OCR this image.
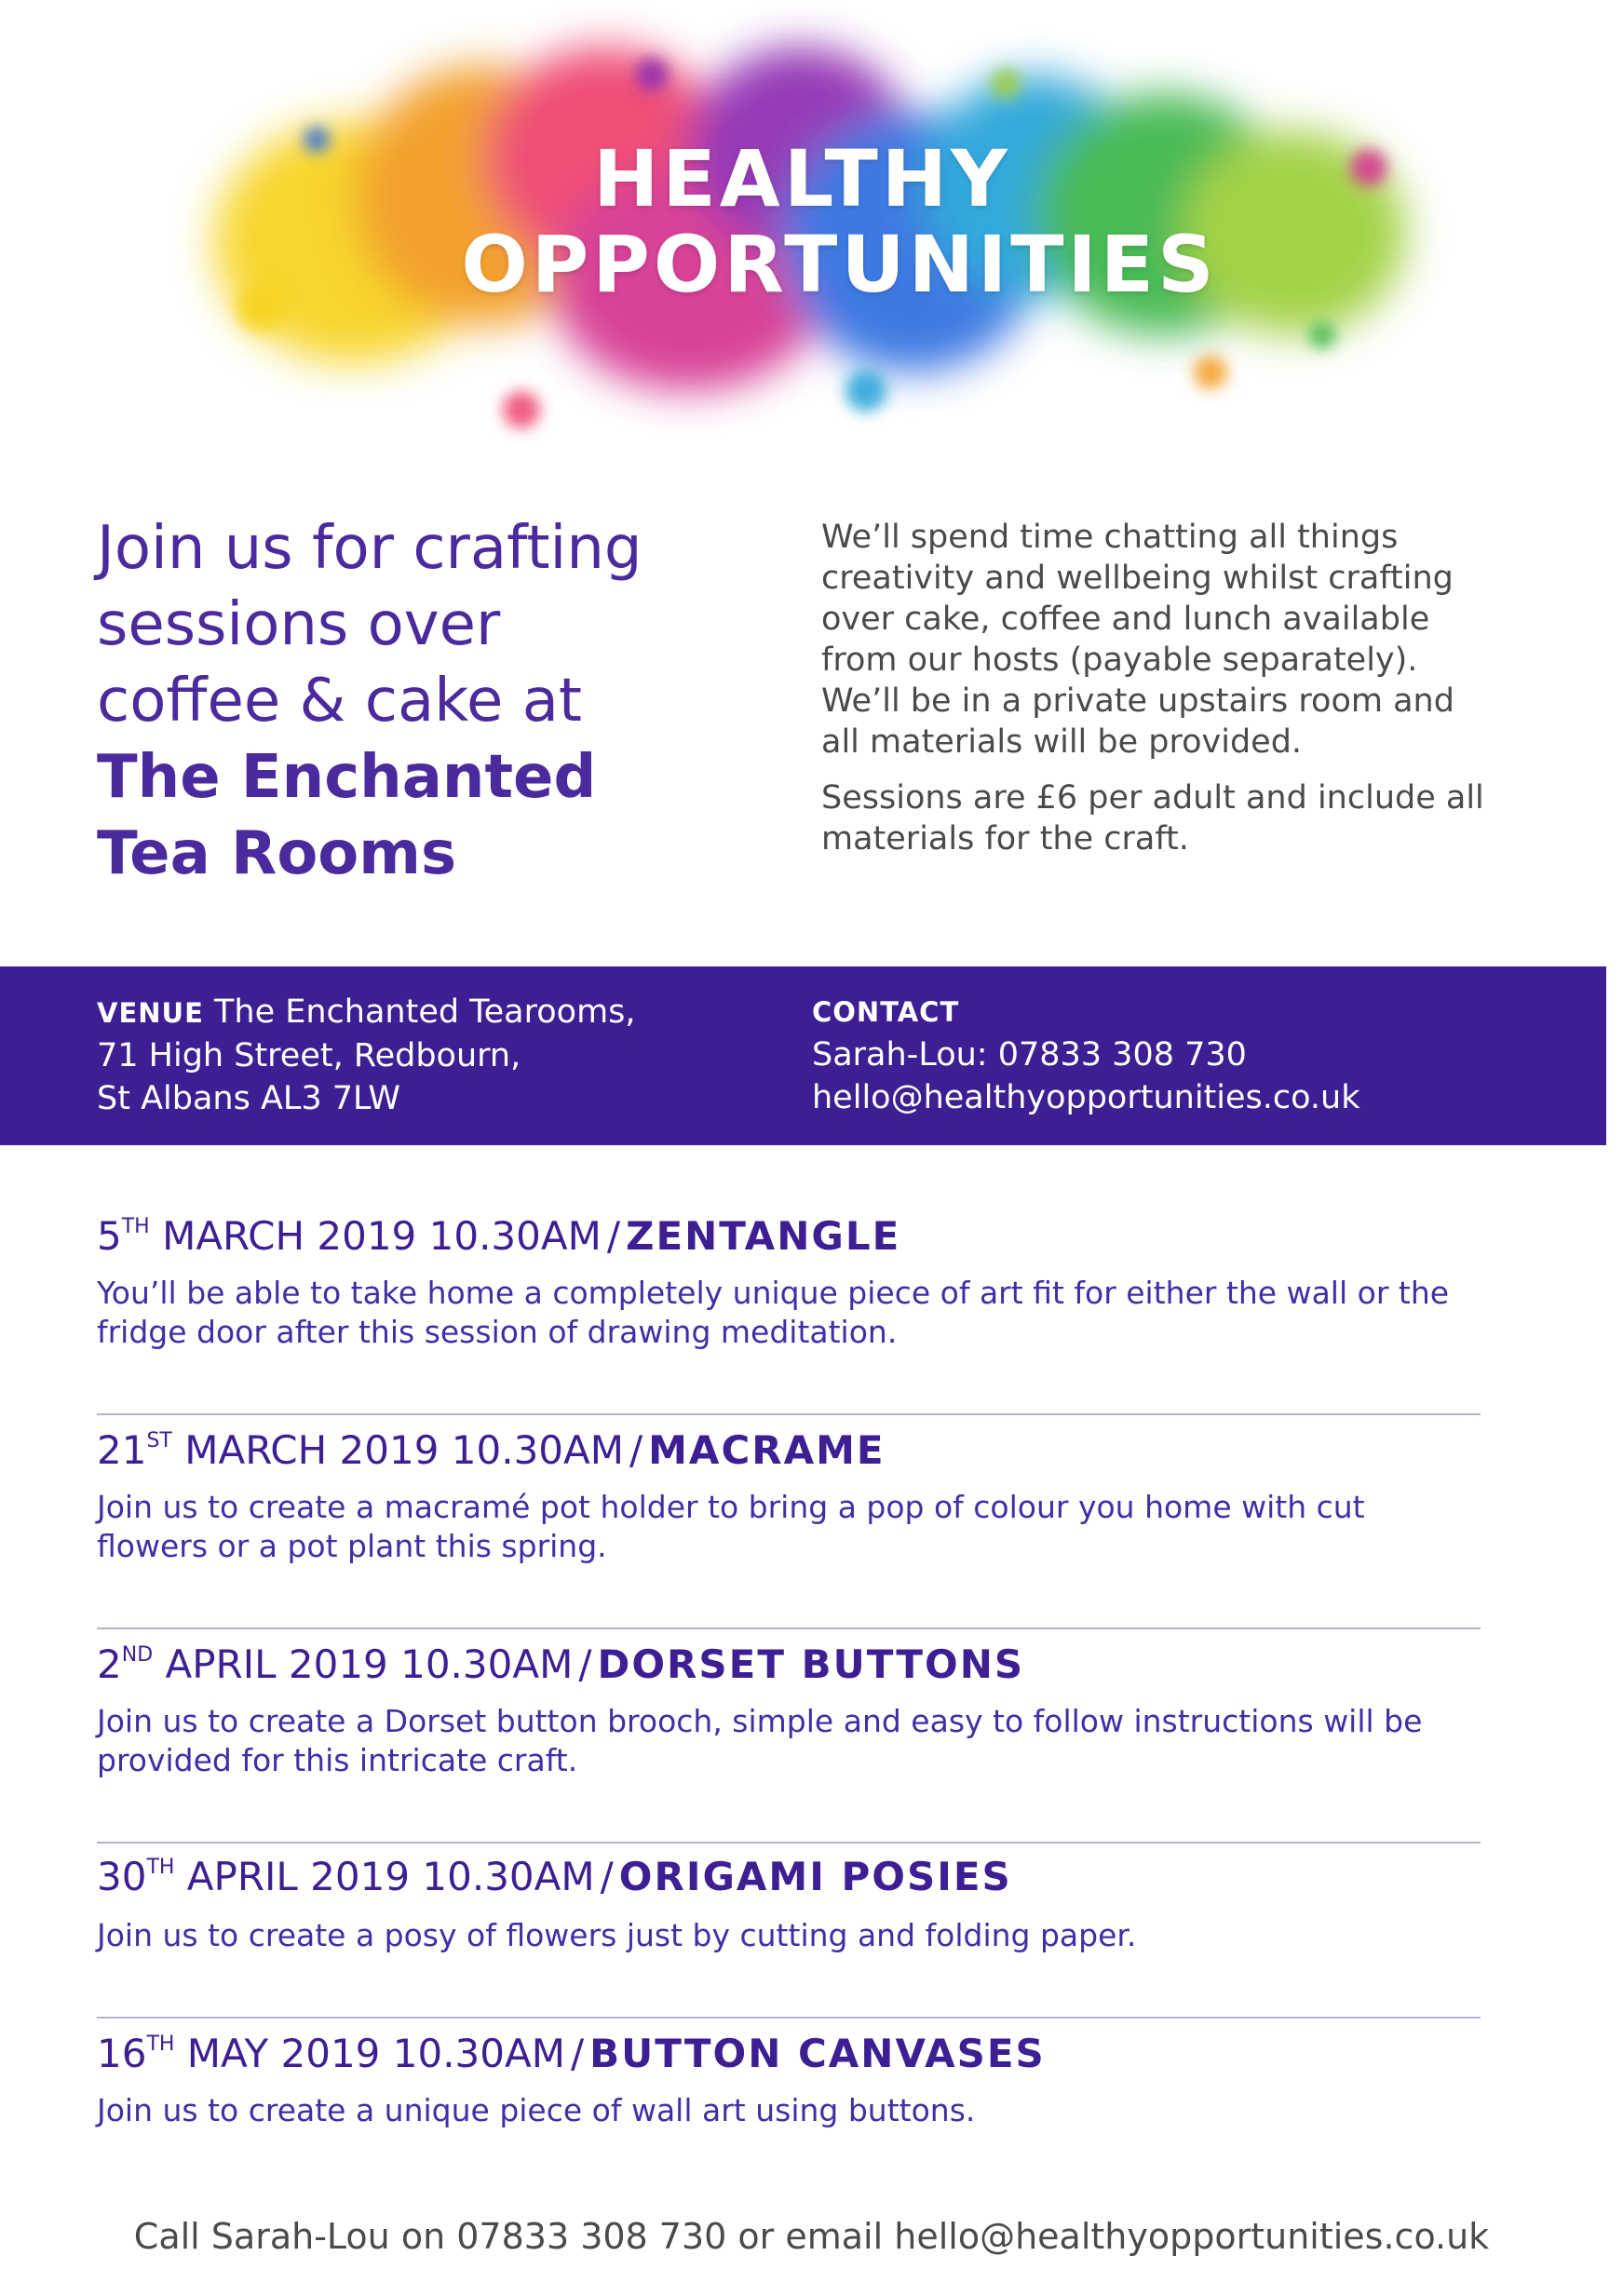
HEALTHY
OPPORTUNITIES
Join us for crafting
sessions over
coffee & cake at
The Enchanted
Tea Rooms

We’ll spend time chatting all things creativity and wellbeing whilst crafting over cake, coffee and lunch available from our hosts (payable separately). We’ll be in a private upstairs room and all materials will be provided.

Sessions are £6 per adult and include all materials for the craft.

VENUE The Enchanted Tearooms,
71 High Street, Redbourn,
St Albans AL3 7LW
CONTACT
Sarah-Lou: 07833 308 730
hello@healthyopportunities.co.uk
5TH MARCH 2019 10.30AM / ZENTANGLE
You’ll be able to take home a completely unique piece of art fit for either the wall or the fridge door after this session of drawing meditation.
21ST MARCH 2019 10.30AM / MACRAME
Join us to create a macramé pot holder to bring a pop of colour you home with cut flowers or a pot plant this spring.
2ND APRIL 2019 10.30AM / DORSET BUTTONS
Join us to create a Dorset button brooch, simple and easy to follow instructions will be provided for this intricate craft.
30TH APRIL 2019 10.30AM / ORIGAMI POSIES
Join us to create a posy of flowers just by cutting and folding paper.
16TH MAY 2019 10.30AM / BUTTON CANVASES
Join us to create a unique piece of wall art using buttons.
Call Sarah-Lou on 07833 308 730 or email hello@healthyopportunities.co.uk
